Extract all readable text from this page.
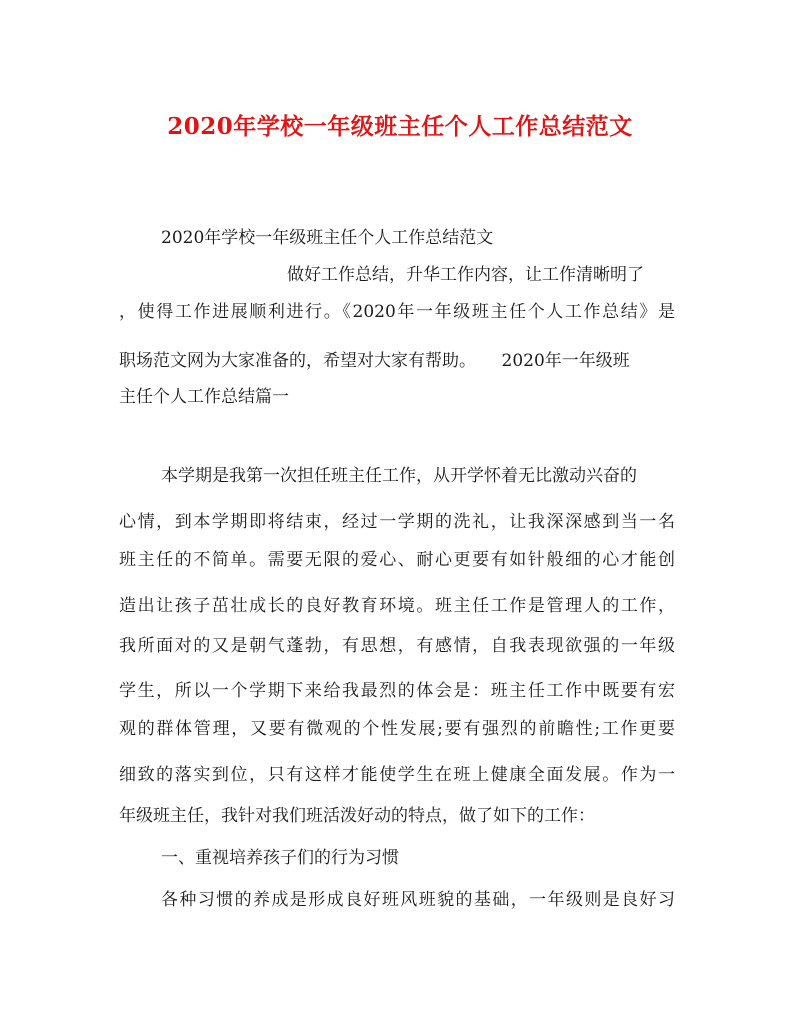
2020年学校一年级班主任个人工作总结范文
2020年学校一年级班主任个人工作总结范文
做好工作总结，升华工作内容，让工作清晰明了
，使得工作进展顺利进行。《2020年一年级班主任个人工作总结》是
职场范文网为大家准备的，希望对大家有帮助。　　2020年一年级班
主任个人工作总结篇一
本学期是我第一次担任班主任工作，从开学怀着无比激动兴奋的
心情，到本学期即将结束，经过一学期的洗礼，让我深深感到当一名
班主任的不简单。需要无限的爱心、耐心更要有如针般细的心才能创
造出让孩子茁壮成长的良好教育环境。班主任工作是管理人的工作，
我所面对的又是朝气蓬勃，有思想，有感情，自我表现欲强的一年级
学生，所以一个学期下来给我最烈的体会是：班主任工作中既要有宏
观的群体管理，又要有微观的个性发展;要有强烈的前瞻性;工作更要
细致的落实到位，只有这样才能使学生在班上健康全面发展。作为一
年级班主任，我针对我们班活泼好动的特点，做了如下的工作：
一、重视培养孩子们的行为习惯
各种习惯的养成是形成良好班风班貌的基础，一年级则是良好习
